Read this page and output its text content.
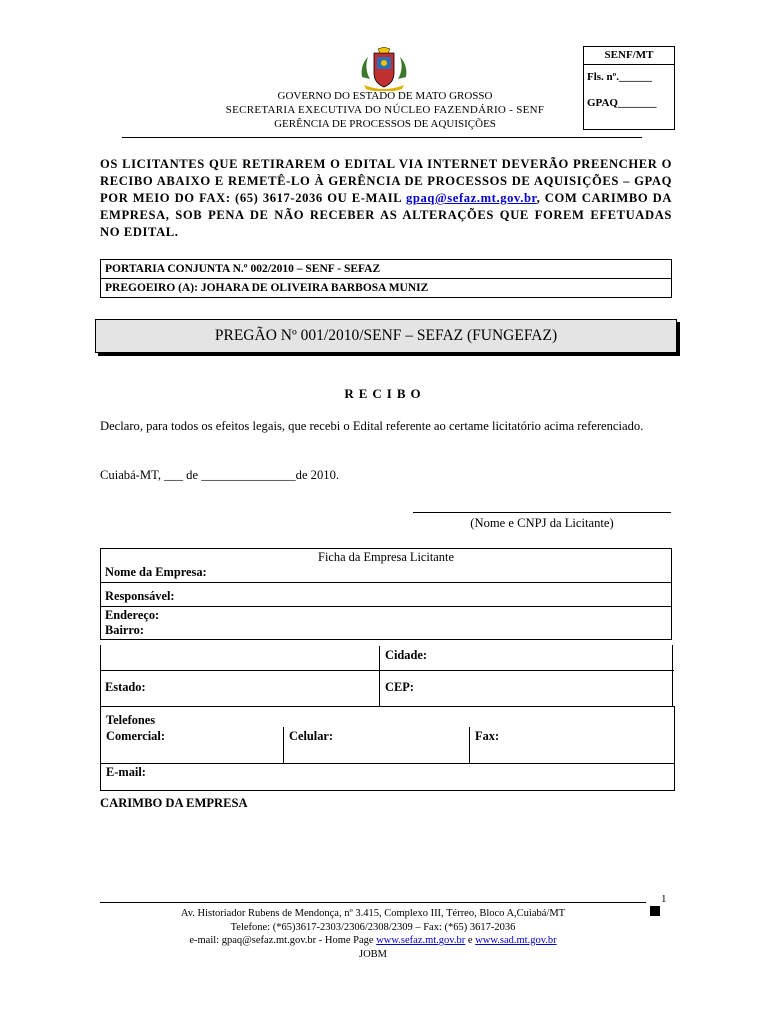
SENF/MT
Fls. nº.______
GPAQ_______
GOVERNO DO ESTADO DE MATO GROSSO
SECRETARIA EXECUTIVA DO NÚCLEO FAZENDÁRIO - SENF
GERÊNCIA DE PROCESSOS DE AQUISIÇÕES
OS LICITANTES QUE RETIRAREM O EDITAL VIA INTERNET DEVERÃO PREENCHER O RECIBO ABAIXO E REMETÊ-LO À GERÊNCIA DE PROCESSOS DE AQUISIÇÕES – GPAQ POR MEIO DO FAX: (65) 3617-2036 OU E-MAIL gpaq@sefaz.mt.gov.br, COM CARIMBO DA EMPRESA, SOB PENA DE NÃO RECEBER AS ALTERAÇÕES QUE FOREM EFETUADAS NO EDITAL.
PORTARIA CONJUNTA N.º 002/2010 – SENF - SEFAZ
PREGOEIRO (A): JOHARA DE OLIVEIRA BARBOSA MUNIZ
PREGÃO Nº 001/2010/SENF – SEFAZ (FUNGEFAZ)
RECIBO
Declaro, para todos os efeitos legais, que recebi o Edital referente ao certame licitatório acima referenciado.
Cuiabá-MT, ___ de _______________de 2010.
(Nome e CNPJ da Licitante)
Ficha da Empresa Licitante
Nome da Empresa:

Responsável:

Endereço:
Bairro:

Cidade:
Estado:	CEP:
Telefones
Comercial:	Celular:	Fax:
E-mail:
CARIMBO DA EMPRESA
1
Av. Historiador Rubens de Mendonça, nº 3.415, Complexo III, Térreo, Bloco A,Cuiabá/MT
Telefone: (*65)3617-2303/2306/2308/2309 – Fax: (*65) 3617-2036
e-mail: gpaq@sefaz.mt.gov.br - Home Page www.sefaz.mt.gov.br e www.sad.mt.gov.br
JOBM
